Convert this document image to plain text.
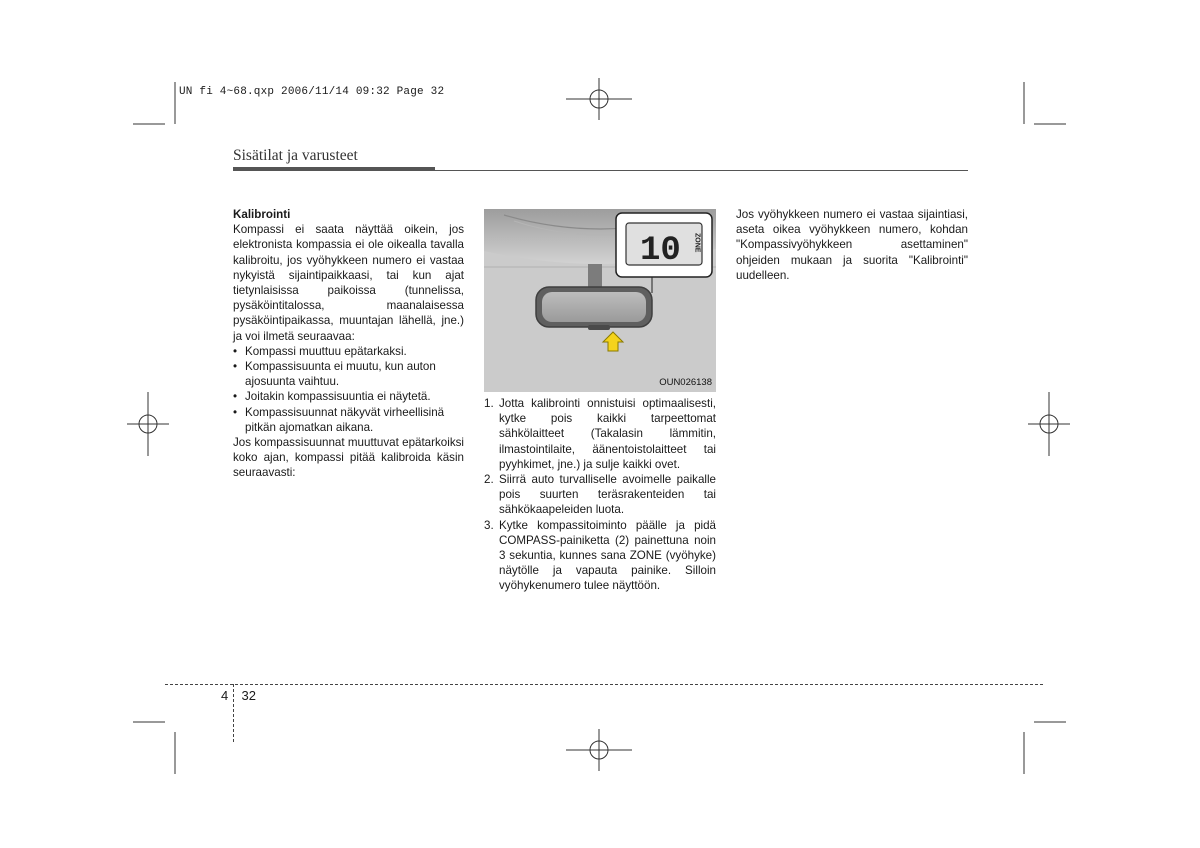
UN fi 4~68.qxp 2006/11/14 09:32 Page 32
Sisätilat ja varusteet

Kalibrointi

Kompassi ei saata näyttää oikein, jos elektronista kompassia ei ole oikealla tavalla kalibroitu, jos vyöhykkeen numero ei vastaa nykyistä sijaintipaikkaasi, tai kun ajat tietynlaisissa paikoissa (tunnelissa, pysäköintitalossa, maanalaisessa pysäköintipaikassa, muuntajan lähellä, jne.) ja voi ilmetä seuraavaa:

• Kompassi muuttuu epätarkaksi.
• Kompassisuunta ei muutu, kun auton ajosuunta vaihtuu.
• Joitakin kompassisuuntia ei näytetä.
• Kompassisuunnat näkyvät virheellisinä pitkän ajomatkan aikana.

Jos kompassisuunnat muuttuvat epätarkoiksi koko ajan, kompassi pitää kalibroida käsin seuraavasti:

10 ZONE
OUN026138
1. Jotta kalibrointi onnistuisi optimaalisesti, kytke pois kaikki tarpeettomat sähkölaitteet (Takalasin lämmitin, ilmastointilaite, äänentoistolaitteet tai pyyhkimet, jne.) ja sulje kaikki ovet.
2. Siirrä auto turvalliselle avoimelle paikalle pois suurten teräsrakenteiden tai sähkökaapeleiden luota.
3. Kytke kompassitoiminto päälle ja pidä COMPASS-painiketta (2) painettuna noin 3 sekuntia, kunnes sana ZONE (vyöhyke) näytölle ja vapauta painike. Silloin vyöhykenumero tulee näyttöön.
Jos vyöhykkeen numero ei vastaa sijaintiasi, aseta oikea vyöhykkeen numero, kohdan "Kompassivyöhykkeen asettaminen" ohjeiden mukaan ja suorita "Kalibrointi" uudelleen.
4 32
